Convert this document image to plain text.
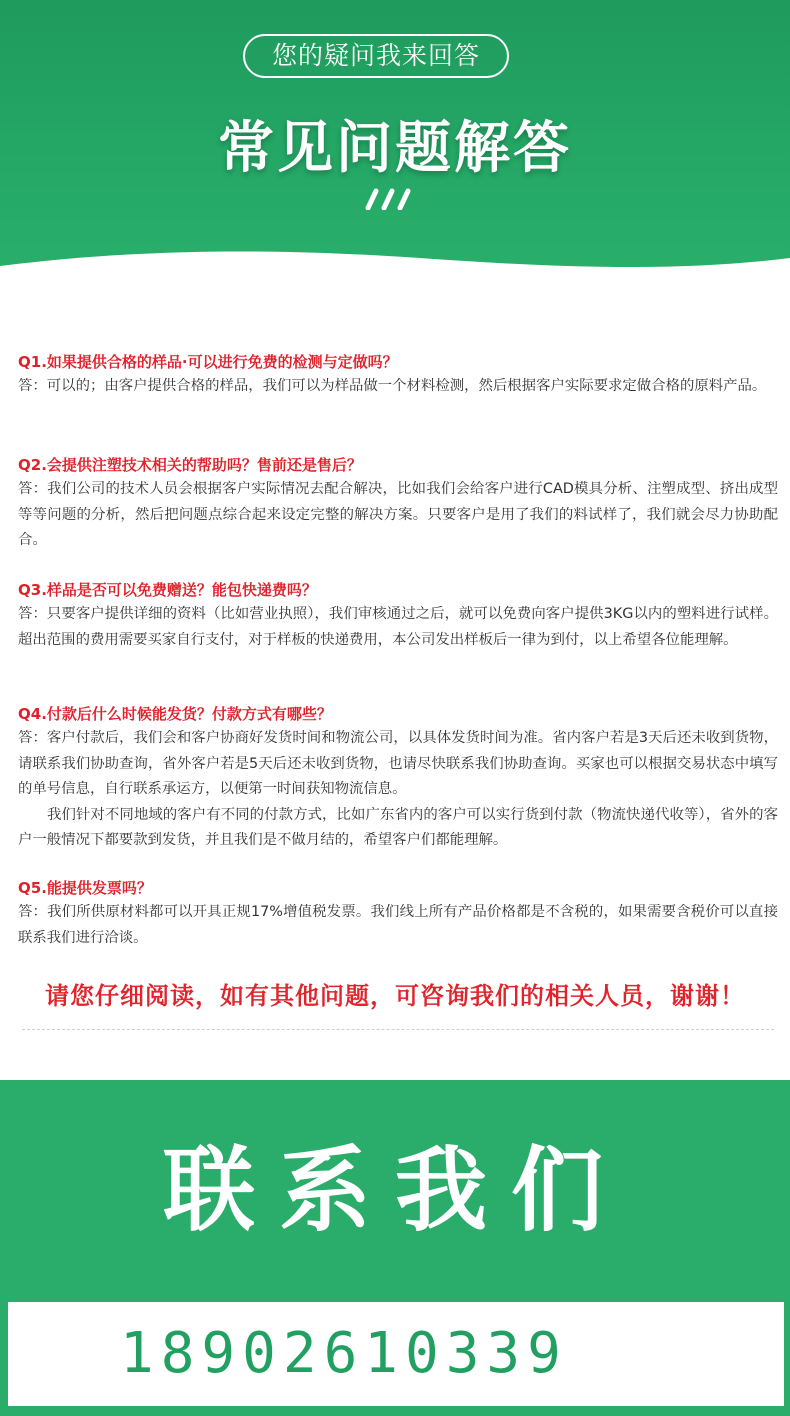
您的疑问我来回答
常见问题解答
Q1.如果提供合格的样品·可以进行免费的检测与定做吗？

答：可以的；由客户提供合格的样品，我们可以为样品做一个材料检测，然后根据客户实际要求定做合格的原料产品。

Q2.会提供注塑技术相关的帮助吗？售前还是售后？

答：我们公司的技术人员会根据客户实际情况去配合解决，比如我们会给客户进行CAD模具分析、注塑成型、挤出成型等等问题的分析，然后把问题点综合起来设定完整的解决方案。只要客户是用了我们的料试样了，我们就会尽力协助配合。

Q3.样品是否可以免费赠送？能包快递费吗？

答：只要客户提供详细的资料（比如营业执照），我们审核通过之后，就可以免费向客户提供3KG以内的塑料进行试样。超出范围的费用需要买家自行支付，对于样板的快递费用，本公司发出样板后一律为到付，以上希望各位能理解。

Q4.付款后什么时候能发货？付款方式有哪些？

答：客户付款后，我们会和客户协商好发货时间和物流公司，以具体发货时间为准。省内客户若是3天后还未收到货物，请联系我们协助查询，省外客户若是5天后还未收到货物，也请尽快联系我们协助查询。买家也可以根据交易状态中填写的单号信息，自行联系承运方，以便第一时间获知物流信息。

我们针对不同地域的客户有不同的付款方式，比如广东省内的客户可以实行货到付款（物流快递代收等），省外的客户一般情况下都要款到发货，并且我们是不做月结的，希望客户们都能理解。

Q5.能提供发票吗？

答：我们所供原材料都可以开具正规17%增值税发票。我们线上所有产品价格都是不含税的，如果需要含税价可以直接联系我们进行洽谈。

请您仔细阅读，如有其他问题，可咨询我们的相关人员，谢谢！
联系我们
18902610339
